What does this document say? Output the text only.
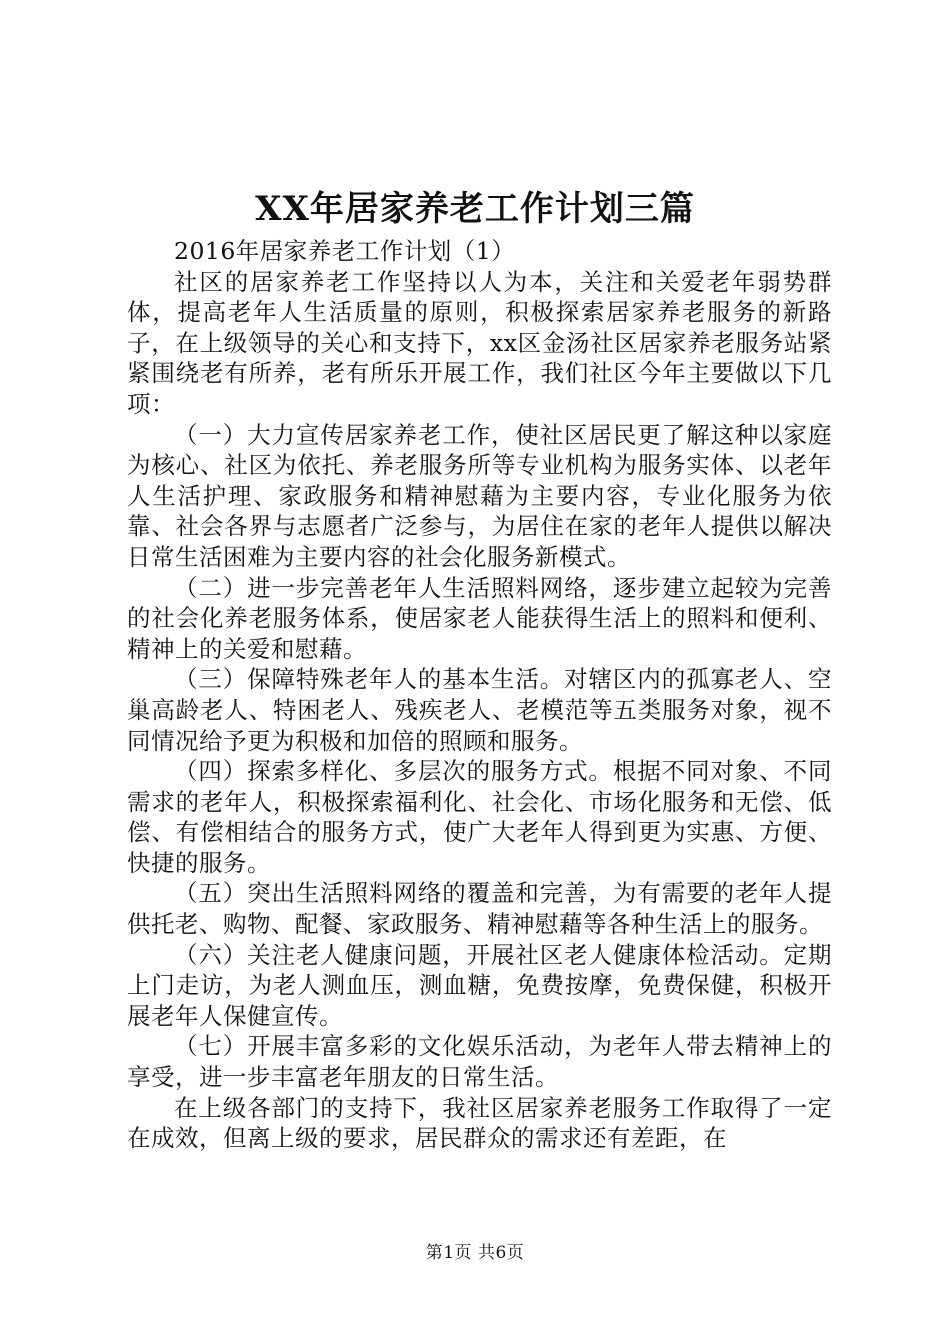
XX年居家养老工作计划三篇

2016年居家养老工作计划（1）

社区的居家养老工作坚持以人为本，关注和关爱老年弱势群体，提高老年人生活质量的原则，积极探索居家养老服务的新路子，在上级领导的关心和支持下，xx区金汤社区居家养老服务站紧紧围绕老有所养，老有所乐开展工作，我们社区今年主要做以下几项：

（一）大力宣传居家养老工作，使社区居民更了解这种以家庭为核心、社区为依托、养老服务所等专业机构为服务实体、以老年人生活护理、家政服务和精神慰藉为主要内容，专业化服务为依靠、社会各界与志愿者广泛参与，为居住在家的老年人提供以解决日常生活困难为主要内容的社会化服务新模式。

（二）进一步完善老年人生活照料网络，逐步建立起较为完善的社会化养老服务体系，使居家老人能获得生活上的照料和便利、精神上的关爱和慰藉。

（三）保障特殊老年人的基本生活。对辖区内的孤寡老人、空巢高龄老人、特困老人、残疾老人、老模范等五类服务对象，视不同情况给予更为积极和加倍的照顾和服务。

（四）探索多样化、多层次的服务方式。根据不同对象、不同需求的老年人，积极探索福利化、社会化、市场化服务和无偿、低偿、有偿相结合的服务方式，使广大老年人得到更为实惠、方便、快捷的服务。

（五）突出生活照料网络的覆盖和完善，为有需要的老年人提供托老、购物、配餐、家政服务、精神慰藉等各种生活上的服务。

（六）关注老人健康问题，开展社区老人健康体检活动。定期上门走访，为老人测血压，测血糖，免费按摩，免费保健，积极开展老年人保健宣传。

（七）开展丰富多彩的文化娱乐活动，为老年人带去精神上的享受，进一步丰富老年朋友的日常生活。

在上级各部门的支持下，我社区居家养老服务工作取得了一定在成效，但离上级的要求，居民群众的需求还有差距，在

第1页 共6页
